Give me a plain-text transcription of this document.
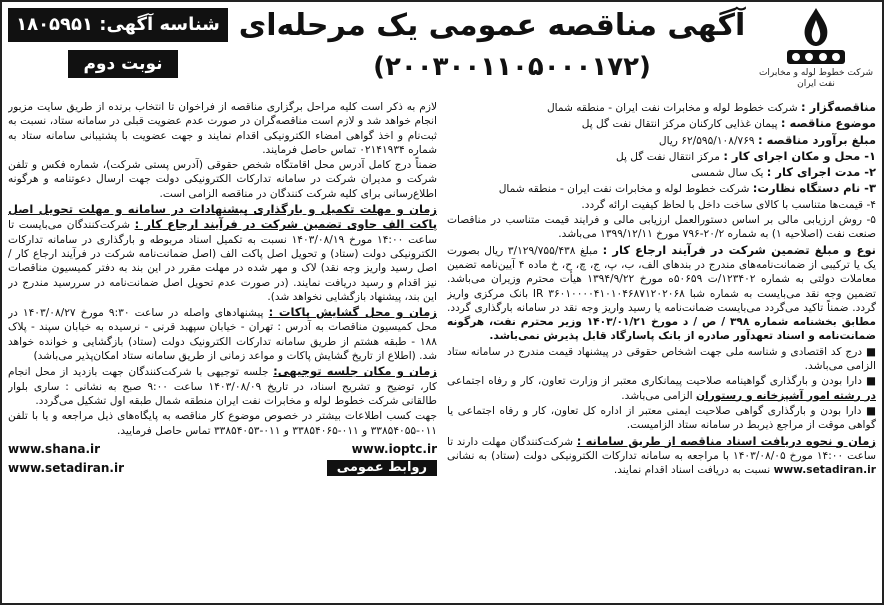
شرکت خطوط لوله و مخابرات نفت ایران
آگهی مناقصه عمومی یک مرحله‌ای
(۲۰۰۳۰۰۱۱۰۵۰۰۰۱۷۲)
شناسه آگهی: ۱۸۰۵۹۵۱
نوبت دوم

مناقصه‌گزار : شرکت خطوط لوله و مخابرات نفت ایران - منطقه شمال

موضوع مناقصه : پیمان غذایی کارکنان مرکز انتقال نفت گل پل

مبلغ برآورد مناقصه : ۶۲/۵۹۵/۱۰۸/۷۶۹ ریال

۱- محل و مکان اجرای کار : مرکز انتقال نفت گل پل

۲- مدت اجرای کار : یک سال شمسی

۳- نام دستگاه نظارت: شرکت خطوط لوله و مخابرات نفت ایران - منطقه شمال

۴- قیمت‌ها متناسب با کالای ساخت داخل با لحاظ کیفیت ارائه گردد.

۵- روش ارزیابی مالی بر اساس دستورالعمل ارزیابی مالی و فرایند قیمت متناسب در مناقصات صنعت نفت (اصلاحیه ۱) به شماره ۲۰/۲-۷۹۶ مورخ ۱۳۹۹/۱۲/۱۱ می‌باشد.

نوع و مبلغ تضمین شرکت در فرآیند ارجاع کار : مبلغ ۳/۱۲۹/۷۵۵/۴۳۸ ریال بصورت یک یا ترکیبی از ضمانت‌نامه‌های مندرج در بندهای الف، ب، پ، ج، چ، ح، خ ماده ۴ آیین‌نامه تضمین معاملات دولتی به شماره ۱۲۳۴۰۲/ت ۵۰۶۵۹ه مورخ ۱۳۹۴/۹/۲۲ هیأت محترم وزیران می‌باشد. تضمین وجه نقد می‌بایست به شماره شبا IR ۳۶۰۱۰۰۰۰۴۱۰۱۰۴۶۸۷۱۲۰۲۰۶۸ بانک مرکزی واریز گردد. ضمناً تاکید می‌گردد می‌بایست ضمانت‌نامه یا رسید واریز وجه نقد در سامانه بارگذاری گردد. مطابق بخشنامه شماره ۳۹۸ / ص / د مورخ ۱۴۰۳/۰۱/۲۱ وزیر محترم نفت، هرگونه ضمانت‌نامه و اسناد تعهدآور صادره از بانک پاسارگاد قابل پذیرش نمی‌باشد.

■ درج کد اقتصادی و شناسه ملی جهت اشخاص حقوقی در پیشنهاد قیمت مندرج در سامانه ستاد الزامی می‌باشد.

■ دارا بودن و بارگذاری گواهینامه صلاحیت پیمانکاری معتبر از وزارت تعاون، کار و رفاه اجتماعی در رشته امور آشپزخانه و رستوران الزامی می‌باشد.

■ دارا بودن و بارگذاری گواهی صلاحیت ایمنی معتبر از اداره کل تعاون، کار و رفاه اجتماعی یا گواهی موقت از مراجع ذیربط در سامانه ستاد الزامیست.

زمان و نحوه دریافت اسناد مناقصه از طریق سامانه : شرکت‌کنندگان مهلت دارند تا ساعت ۱۴:۰۰ مورخ ۱۴۰۳/۰۸/۰۵ با مراجعه به سامانه تدارکات الکترونیکی دولت (ستاد) به نشانی www.setadiran.ir نسبت به دریافت اسناد اقدام نمایند.

لازم به ذکر است کلیه مراحل برگزاری مناقصه از فراخوان تا انتخاب برنده از طریق سایت مزبور انجام خواهد شد و لازم است مناقصه‌گران در صورت عدم عضویت قبلی در سامانه ستاد، نسبت به ثبت‌نام و اخذ گواهی امضاء الکترونیکی اقدام نمایند و جهت عضویت با پشتیبانی سامانه ستاد به شماره ۰۲۱۴۱۹۳۴ تماس حاصل فرمایند.

ضمناً درج کامل آدرس محل اقامتگاه شخص حقوقی (آدرس پستی شرکت)، شماره فکس و تلفن شرکت و مدیران شرکت در سامانه تدارکات الکترونیکی دولت جهت ارسال دعوتنامه و هرگونه اطلاع‌رسانی برای کلیه شرکت کنندگان در مناقصه الزامی است.

زمان و مهلت تکمیل و بارگذاری پیشنهادات در سامانه و مهلت تحویل اصل پاکت الف حاوی تضمین شرکت در فرآیند ارجاع کار : شرکت‌کنندگان می‌بایست تا ساعت ۱۴:۰۰ مورخ ۱۴۰۳/۰۸/۱۹ نسبت به تکمیل اسناد مربوطه و بارگذاری در سامانه تدارکات الکترونیکی دولت (ستاد) و تحویل اصل پاکت الف (اصل ضمانت‌نامه شرکت در فرآیند ارجاع کار / اصل رسید واریز وجه نقد) لاک و مهر شده در مهلت مقرر در این بند به دفتر کمیسیون مناقصات نیز اقدام و رسید دریافت نمایند. (در صورت عدم تحویل اصل ضمانت‌نامه در سررسید مندرج در این بند، پیشنهاد بازگشایی نخواهد شد).

زمان و محل گشایش پاکات : پیشنهادهای واصله در ساعت ۹:۳۰ مورخ ۱۴۰۳/۰۸/۲۷ در محل کمیسیون مناقصات به آدرس : تهران - خیابان سپهبد قرنی - نرسیده به خیابان سپند - پلاک ۱۸۸ - طبقه هشتم از طریق سامانه تدارکات الکترونیک دولت (ستاد) بازگشایی و خوانده خواهد شد. (اطلاع از تاریخ گشایش پاکات و مواعد زمانی از طریق سامانه ستاد امکان‌پذیر می‌باشد)

زمان و مکان جلسه توجیهی: جلسه توجیهی با شرکت‌کنندگان جهت بازدید از محل انجام کار، توضیح و تشریح اسناد، در تاریخ ۱۴۰۳/۰۸/۰۹ ساعت ۹:۰۰ صبح به نشانی : ساری بلوار طالقانی شرکت خطوط لوله و مخابرات نفت ایران منطقه شمال طبقه اول تشکیل می‌گردد.

جهت کسب اطلاعات بیشتر در خصوص موضوع کار مناقصه به پایگاه‌های ذیل مراجعه و یا با تلفن ۰۱۱-۳۳۸۵۴۰۵۵ و ۰۱۱-۳۳۸۵۴۰۶۵ و ۰۱۱-۳۳۸۵۴۰۵۳ تماس حاصل فرمایید.

www.shana.ir	www.ioptc.ir
www.setadiran.ir	روابط عمومی
